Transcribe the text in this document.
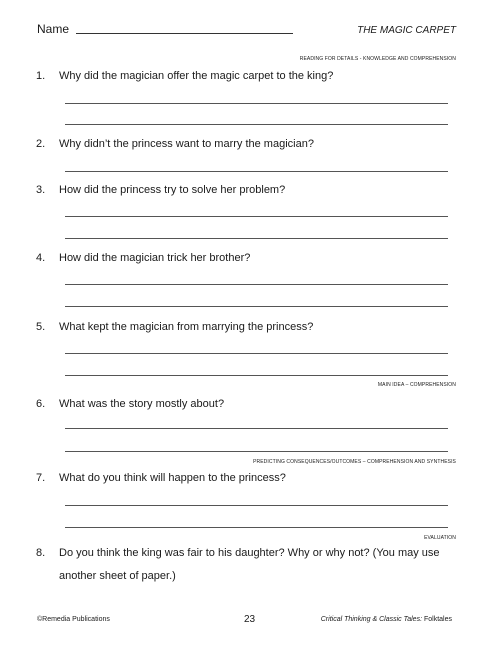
Name	THE MAGIC CARPET
READING FOR DETAILS - KNOWLEDGE AND COMPREHENSION
1. Why did the magician offer the magic carpet to the king?
2. Why didn’t the princess want to marry the magician?
3. How did the princess try to solve her problem?
4. How did the magician trick her brother?
5. What kept the magician from marrying the princess?
MAIN IDEA – COMPREHENSION
6. What was the story mostly about?
PREDICTING CONSEQUENCES/OUTCOMES – COMPREHENSION AND SYNTHESIS
7. What do you think will happen to the princess?
EVALUATION
8. Do you think the king was fair to his daughter? Why or why not? (You may use
another sheet of paper.)
©Remedia Publications	23	Critical Thinking & Classic Tales: Folktales
